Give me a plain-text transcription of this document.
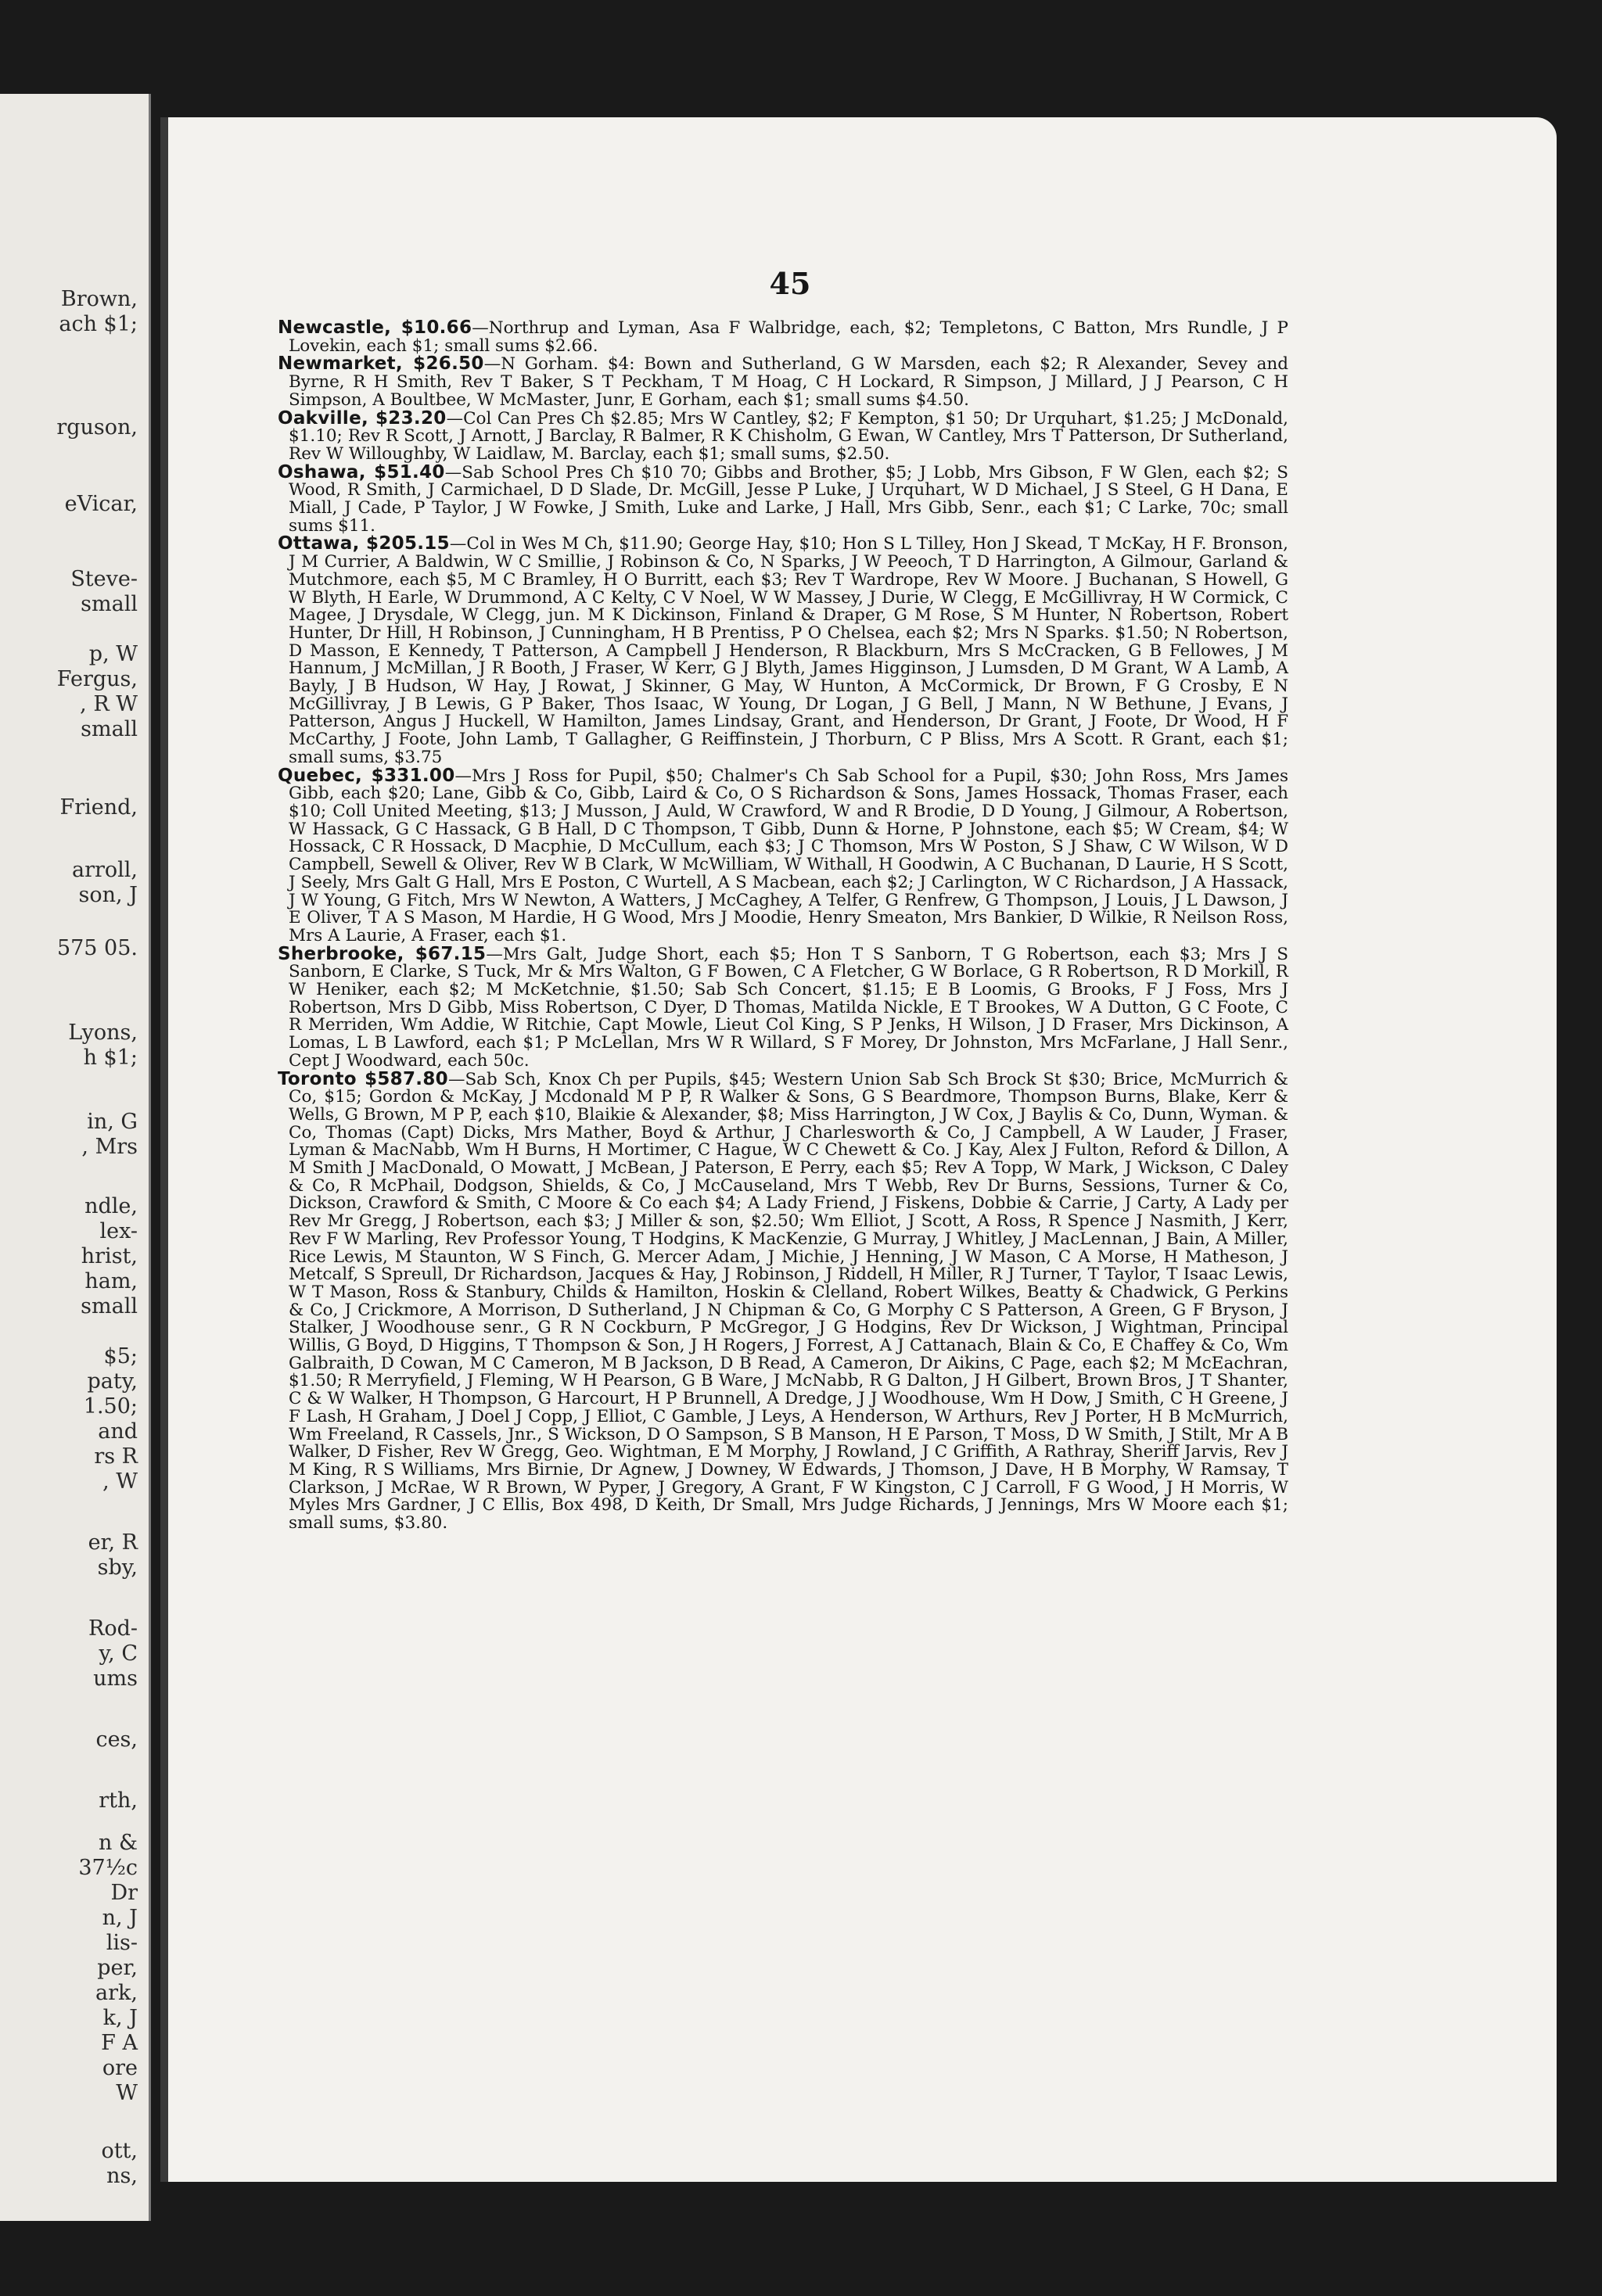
Brown,
ach $1;
rguson,
eVicar,
Steve-
small
p, W
Fergus,
, R W
small
Friend,
arroll,
son, J
575 05.
Lyons,
h $1;
in, G
, Mrs
ndle,
lex-
hrist,
ham,
small
$5;
paty,
1.50;
and
rs R
, W
er, R
sby,
Rod-
y, C
ums
ces,
rth,
n &
37½c
Dr
n, J
lis-
per,
ark,
k, J
F A
ore
W
ott,
ns,
45

Newcastle, $10.66—Northrup and Lyman, Asa F Walbridge, each, $2; Templetons, C Batton, Mrs Rundle, J P Lovekin, each $1; small sums $2.66.

Newmarket, $26.50—N Gorham. $4: Bown and Sutherland, G W Marsden, each $2; R Alexander, Sevey and Byrne, R H Smith, Rev T Baker, S T Peckham, T M Hoag, C H Lockard, R Simpson, J Millard, J J Pearson, C H Simpson, A Boultbee, W McMaster, Junr, E Gorham, each $1; small sums $4.50.

Oakville, $23.20—Col Can Pres Ch $2.85; Mrs W Cantley, $2; F Kempton, $1 50; Dr Urquhart, $1.25; J McDonald, $1.10; Rev R Scott, J Arnott, J Barclay, R Balmer, R K Chisholm, G Ewan, W Cantley, Mrs T Patterson, Dr Sutherland, Rev W Willoughby, W Laidlaw, M. Barclay, each $1; small sums, $2.50.

Oshawa, $51.40—Sab School Pres Ch $10 70; Gibbs and Brother, $5; J Lobb, Mrs Gibson, F W Glen, each $2; S Wood, R Smith, J Carmichael, D D Slade, Dr. McGill, Jesse P Luke, J Urquhart, W D Michael, J S Steel, G H Dana, E Miall, J Cade, P Taylor, J W Fowke, J Smith, Luke and Larke, J Hall, Mrs Gibb, Senr., each $1; C Larke, 70c; small sums $11.

Ottawa, $205.15—Col in Wes M Ch, $11.90; George Hay, $10; Hon S L Tilley, Hon J Skead, T McKay, H F. Bronson, J M Currier, A Baldwin, W C Smillie, J Robinson & Co, N Sparks, J W Peeoch, T D Harrington, A Gilmour, Garland & Mutchmore, each $5, M C Bramley, H O Burritt, each $3; Rev T Wardrope, Rev W Moore. J Buchanan, S Howell, G W Blyth, H Earle, W Drummond, A C Kelty, C V Noel, W W Massey, J Durie, W Clegg, E McGillivray, H W Cormick, C Magee, J Drysdale, W Clegg, jun. M K Dickinson, Finland & Draper, G M Rose, S M Hunter, N Robertson, Robert Hunter, Dr Hill, H Robinson, J Cunningham, H B Prentiss, P O Chelsea, each $2; Mrs N Sparks. $1.50; N Robertson, D Masson, E Kennedy, T Patterson, A Campbell J Henderson, R Blackburn, Mrs S McCracken, G B Fellowes, J M Hannum, J McMillan, J R Booth, J Fraser, W Kerr, G J Blyth, James Higginson, J Lumsden, D M Grant, W A Lamb, A Bayly, J B Hudson, W Hay, J Rowat, J Skinner, G May, W Hunton, A McCormick, Dr Brown, F G Crosby, E N McGillivray, J B Lewis, G P Baker, Thos Isaac, W Young, Dr Logan, J G Bell, J Mann, N W Bethune, J Evans, J Patterson, Angus J Huckell, W Hamilton, James Lindsay, Grant, and Henderson, Dr Grant, J Foote, Dr Wood, H F McCarthy, J Foote, John Lamb, T Gallagher, G Reiffinstein, J Thorburn, C P Bliss, Mrs A Scott. R Grant, each $1; small sums, $3.75

Quebec, $331.00—Mrs J Ross for Pupil, $50; Chalmer's Ch Sab School for a Pupil, $30; John Ross, Mrs James Gibb, each $20; Lane, Gibb & Co, Gibb, Laird & Co, O S Richardson & Sons, James Hossack, Thomas Fraser, each $10; Coll United Meeting, $13; J Musson, J Auld, W Crawford, W and R Brodie, D D Young, J Gilmour, A Robertson, W Hassack, G C Hassack, G B Hall, D C Thompson, T Gibb, Dunn & Horne, P Johnstone, each $5; W Cream, $4; W Hossack, C R Hossack, D Macphie, D McCullum, each $3; J C Thomson, Mrs W Poston, S J Shaw, C W Wilson, W D Campbell, Sewell & Oliver, Rev W B Clark, W McWilliam, W Withall, H Goodwin, A C Buchanan, D Laurie, H S Scott, J Seely, Mrs Galt G Hall, Mrs E Poston, C Wurtell, A S Macbean, each $2; J Carlington, W C Richardson, J A Hassack, J W Young, G Fitch, Mrs W Newton, A Watters, J McCaghey, A Telfer, G Renfrew, G Thompson, J Louis, J L Dawson, J E Oliver, T A S Mason, M Hardie, H G Wood, Mrs J Moodie, Henry Smeaton, Mrs Bankier, D Wilkie, R Neilson Ross, Mrs A Laurie, A Fraser, each $1.

Sherbrooke, $67.15—Mrs Galt, Judge Short, each $5; Hon T S Sanborn, T G Robertson, each $3; Mrs J S Sanborn, E Clarke, S Tuck, Mr & Mrs Walton, G F Bowen, C A Fletcher, G W Borlace, G R Robertson, R D Morkill, R W Heniker, each $2; M McKetchnie, $1.50; Sab Sch Concert, $1.15; E B Loomis, G Brooks, F J Foss, Mrs J Robertson, Mrs D Gibb, Miss Robertson, C Dyer, D Thomas, Matilda Nickle, E T Brookes, W A Dutton, G C Foote, C R Merriden, Wm Addie, W Ritchie, Capt Mowle, Lieut Col King, S P Jenks, H Wilson, J D Fraser, Mrs Dickinson, A Lomas, L B Lawford, each $1; P McLellan, Mrs W R Willard, S F Morey, Dr Johnston, Mrs McFarlane, J Hall Senr., Cept J Woodward, each 50c.

Toronto $587.80—Sab Sch, Knox Ch per Pupils, $45; Western Union Sab Sch Brock St $30; Brice, McMurrich & Co, $15; Gordon & McKay, J Mcdonald M P P, R Walker & Sons, G S Beardmore, Thompson Burns, Blake, Kerr & Wells, G Brown, M P P, each $10, Blaikie & Alexander, $8; Miss Harrington, J W Cox, J Baylis & Co, Dunn, Wyman. & Co, Thomas (Capt) Dicks, Mrs Mather, Boyd & Arthur, J Charlesworth & Co, J Campbell, A W Lauder, J Fraser, Lyman & MacNabb, Wm H Burns, H Mortimer, C Hague, W C Chewett & Co. J Kay, Alex J Fulton, Reford & Dillon, A M Smith J MacDonald, O Mowatt, J McBean, J Paterson, E Perry, each $5; Rev A Topp, W Mark, J Wickson, C Daley & Co, R McPhail, Dodgson, Shields, & Co, J McCauseland, Mrs T Webb, Rev Dr Burns, Sessions, Turner & Co, Dickson, Crawford & Smith, C Moore & Co each $4; A Lady Friend, J Fiskens, Dobbie & Carrie, J Carty, A Lady per Rev Mr Gregg, J Robertson, each $3; J Miller & son, $2.50; Wm Elliot, J Scott, A Ross, R Spence J Nasmith, J Kerr, Rev F W Marling, Rev Professor Young, T Hodgins, K MacKenzie, G Murray, J Whitley, J MacLennan, J Bain, A Miller, Rice Lewis, M Staunton, W S Finch, G. Mercer Adam, J Michie, J Henning, J W Mason, C A Morse, H Matheson, J Metcalf, S Spreull, Dr Richardson, Jacques & Hay, J Robinson, J Riddell, H Miller, R J Turner, T Taylor, T Isaac Lewis, W T Mason, Ross & Stanbury, Childs & Hamilton, Hoskin & Clelland, Robert Wilkes, Beatty & Chadwick, G Perkins & Co, J Crickmore, A Morrison, D Sutherland, J N Chipman & Co, G Morphy C S Patterson, A Green, G F Bryson, J Stalker, J Woodhouse senr., G R N Cockburn, P McGregor, J G Hodgins, Rev Dr Wickson, J Wightman, Principal Willis, G Boyd, D Higgins, T Thompson & Son, J H Rogers, J Forrest, A J Cattanach, Blain & Co, E Chaffey & Co, Wm Galbraith, D Cowan, M C Cameron, M B Jackson, D B Read, A Cameron, Dr Aikins, C Page, each $2; M McEachran, $1.50; R Merryfield, J Fleming, W H Pearson, G B Ware, J McNabb, R G Dalton, J H Gilbert, Brown Bros, J T Shanter, C & W Walker, H Thompson, G Harcourt, H P Brunnell, A Dredge, J J Woodhouse, Wm H Dow, J Smith, C H Greene, J F Lash, H Graham, J Doel J Copp, J Elliot, C Gamble, J Leys, A Henderson, W Arthurs, Rev J Porter, H B McMurrich, Wm Freeland, R Cassels, Jnr., S Wickson, D O Sampson, S B Manson, H E Parson, T Moss, D W Smith, J Stilt, Mr A B Walker, D Fisher, Rev W Gregg, Geo. Wightman, E M Morphy, J Rowland, J C Griffith, A Rathray, Sheriff Jarvis, Rev J M King, R S Williams, Mrs Birnie, Dr Agnew, J Downey, W Edwards, J Thomson, J Dave, H B Morphy, W Ramsay, T Clarkson, J McRae, W R Brown, W Pyper, J Gregory, A Grant, F W Kingston, C J Carroll, F G Wood, J H Morris, W Myles Mrs Gardner, J C Ellis, Box 498, D Keith, Dr Small, Mrs Judge Richards, J Jennings, Mrs W Moore each $1; small sums, $3.80.
